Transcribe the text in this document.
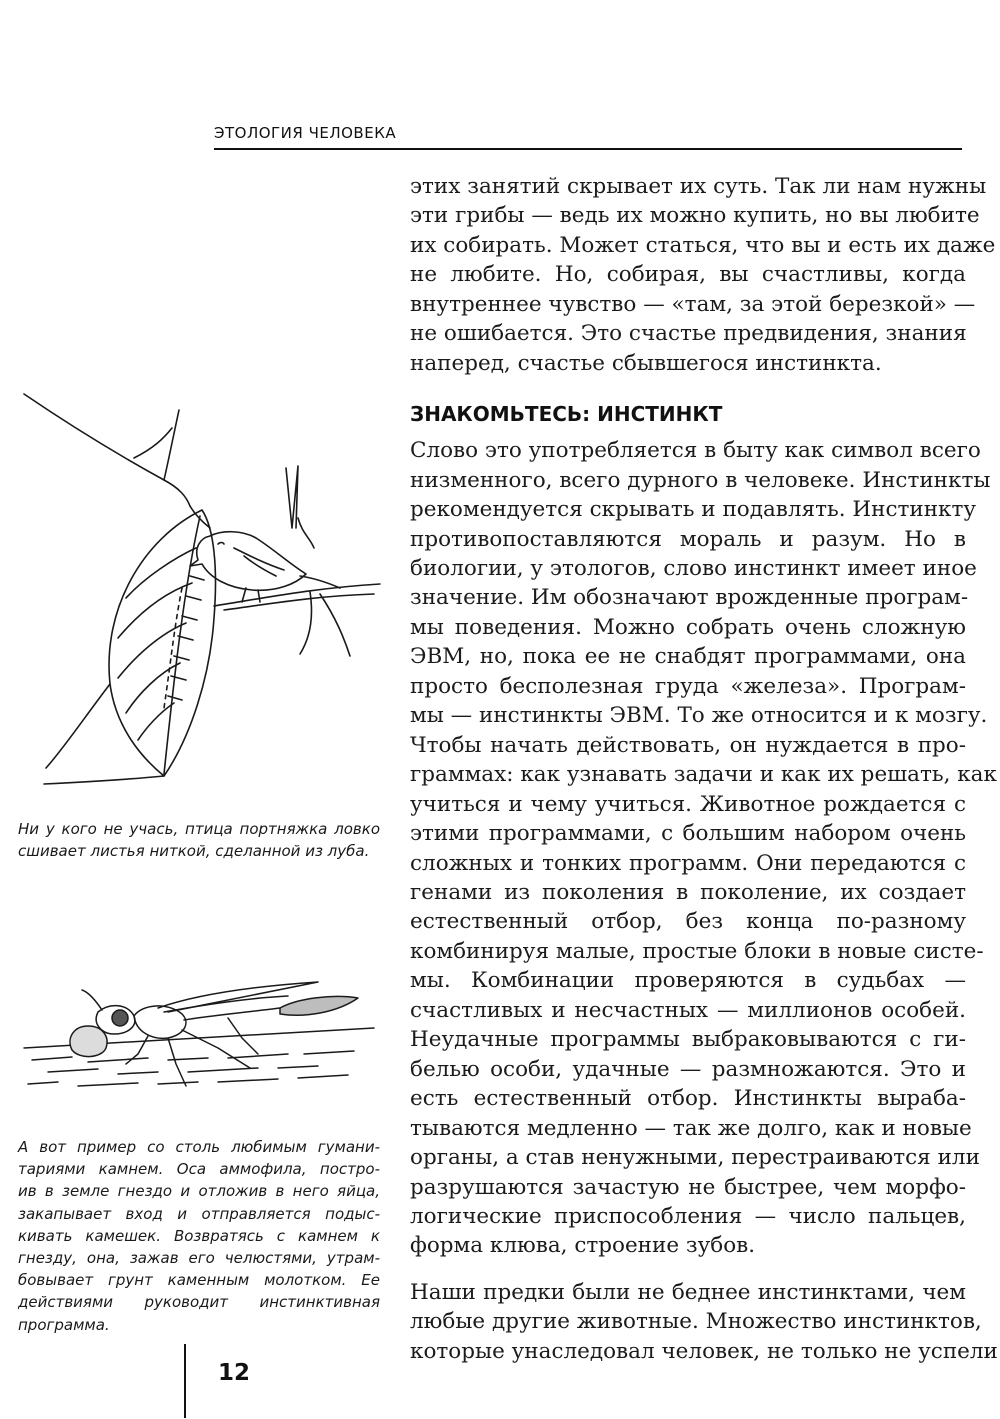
ЭТОЛОГИЯ ЧЕЛОВЕКА
Ни у кого не учась, птица портняжка ловко
сшивает листья ниткой, сделанной из луба.
А вот пример со столь любимым гумани-
тариями камнем. Оса аммофила, постро-
ив в земле гнездо и отложив в него яйца,
закапывает вход и отправляется подыс-
кивать камешек. Возвратясь с камнем к
гнезду, она, зажав его челюстями, утрам-
бовывает грунт каменным молотком. Ее
действиями руководит инстинктивная
программа.

этих занятий скрывает их суть. Так ли нам нужны
эти грибы — ведь их можно купить, но вы любите
их собирать. Может статься, что вы и есть их даже
не любите. Но, собирая, вы счастливы, когда
внутреннее чувство — «там, за этой березкой» —
не ошибается. Это счастье предвидения, знания
наперед, счастье сбывшегося инстинкта.

ЗНАКОМЬТЕСЬ: ИНСТИНКТ

Слово это употребляется в быту как символ всего
низменного, всего дурного в человеке. Инстинкты
рекомендуется скрывать и подавлять. Инстинкту
противопоставляются мораль и разум. Но в
биологии, у этологов, слово инстинкт имеет иное
значение. Им обозначают врожденные програм-
мы поведения. Можно собрать очень сложную
ЭВМ, но, пока ее не снабдят программами, она
просто бесполезная груда «железа». Програм-
мы — инстинкты ЭВМ. То же относится и к мозгу.
Чтобы начать действовать, он нуждается в про-
граммах: как узнавать задачи и как их решать, как
учиться и чему учиться. Животное рождается с
этими программами, с большим набором очень
сложных и тонких программ. Они передаются с
генами из поколения в поколение, их создает
естественный отбор, без конца по-разному
комбинируя малые, простые блоки в новые систе-
мы. Комбинации проверяются в судьбах —
счастливых и несчастных — миллионов особей.
Неудачные программы выбраковываются с ги-
белью особи, удачные — размножаются. Это и
есть естественный отбор. Инстинкты выраба-
тываются медленно — так же долго, как и новые
органы, а став ненужными, перестраиваются или
разрушаются зачастую не быстрее, чем морфо-
логические приспособления — число пальцев,
форма клюва, строение зубов.

Наши предки были не беднее инстинктами, чем
любые другие животные. Множество инстинктов,
которые унаследовал человек, не только не успели

12
